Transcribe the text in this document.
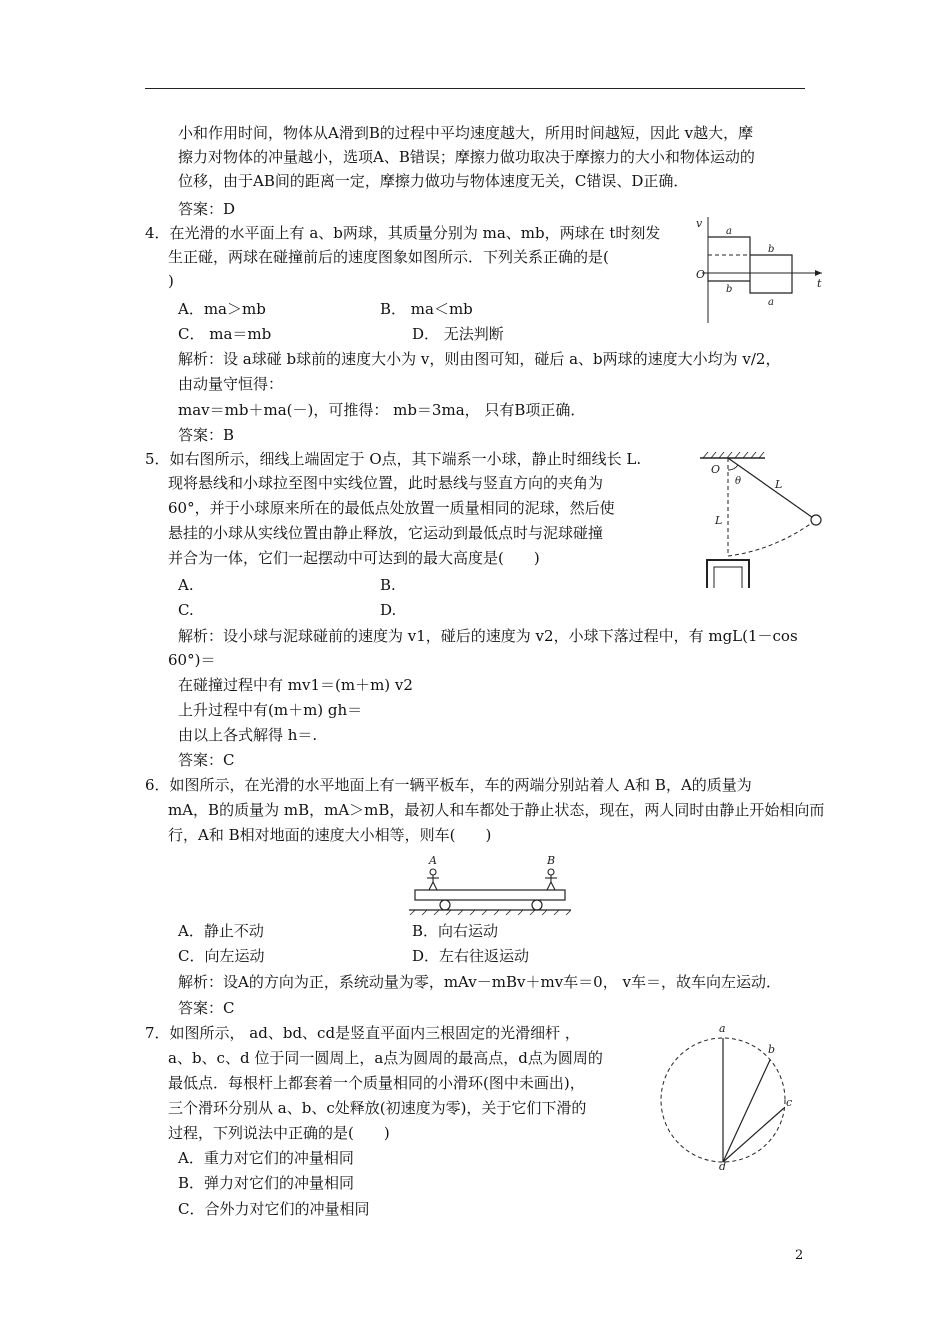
小和作用时间，物体从A滑到B的过程中平均速度越大，所用时间越短，因此 v越大，摩
擦力对物体的冲量越小，选项A、B错误；摩擦力做功取决于摩擦力的大小和物体运动的
位移，由于AB间的距离一定，摩擦力做功与物体速度无关，C错误、D正确．
答案：D
4．在光滑的水平面上有 a、b两球，其质量分别为 ma、mb，两球在 t时刻发
生正碰，两球在碰撞前后的速度图象如图所示．下列关系正确的是(
)
A．ma＞mb	B． ma＜mb
C． ma＝mb	D． 无法判断
解析：设 a球碰 b球前的速度大小为 v，则由图可知，碰后 a、b两球的速度大小均为 v/2，
由动量守恒得：
mav＝mb＋ma(－)，可推得： mb＝3ma， 只有B项正确．
答案：B
v
O
t
a
b
b
a
5．如右图所示，细线上端固定于 O点，其下端系一小球，静止时细线长 L.
现将悬线和小球拉至图中实线位置，此时悬线与竖直方向的夹角为
60°，并于小球原来所在的最低点处放置一质量相同的泥球，然后使
悬挂的小球从实线位置由静止释放，它运动到最低点时与泥球碰撞
并合为一体，它们一起摆动中可达到的最大高度是(　　)
A.	B.
C.	D.
解析：设小球与泥球碰前的速度为 v1，碰后的速度为 v2，小球下落过程中，有 mgL(1－cos
60°)＝
在碰撞过程中有 mv1＝(m＋m) v2
上升过程中有(m＋m) gh＝
由以上各式解得 h＝.
答案：C
O
θ	L
L
6．如图所示，在光滑的水平地面上有一辆平板车，车的两端分别站着人 A和 B，A的质量为
mA，B的质量为 mB，mA＞mB，最初人和车都处于静止状态，现在，两人同时由静止开始相向而
行，A和 B相对地面的速度大小相等，则车(　　)
A	B
A．静止不动	B．向右运动
C．向左运动	D．左右往返运动
解析：设A的方向为正，系统动量为零，mAv－mBv＋mv车＝0， v车＝，故车向左运动．
答案：C
7．如图所示， ad、bd、cd是竖直平面内三根固定的光滑细杆 ，
a、b、c、d 位于同一圆周上，a点为圆周的最高点，d点为圆周的
最低点．每根杆上都套着一个质量相同的小滑环(图中未画出)，
三个滑环分别从 a、b、c处释放(初速度为零)，关于它们下滑的
过程，下列说法中正确的是(　　)
A．重力对它们的冲量相同
B．弹力对它们的冲量相同
C．合外力对它们的冲量相同
a
b
c
d
2
